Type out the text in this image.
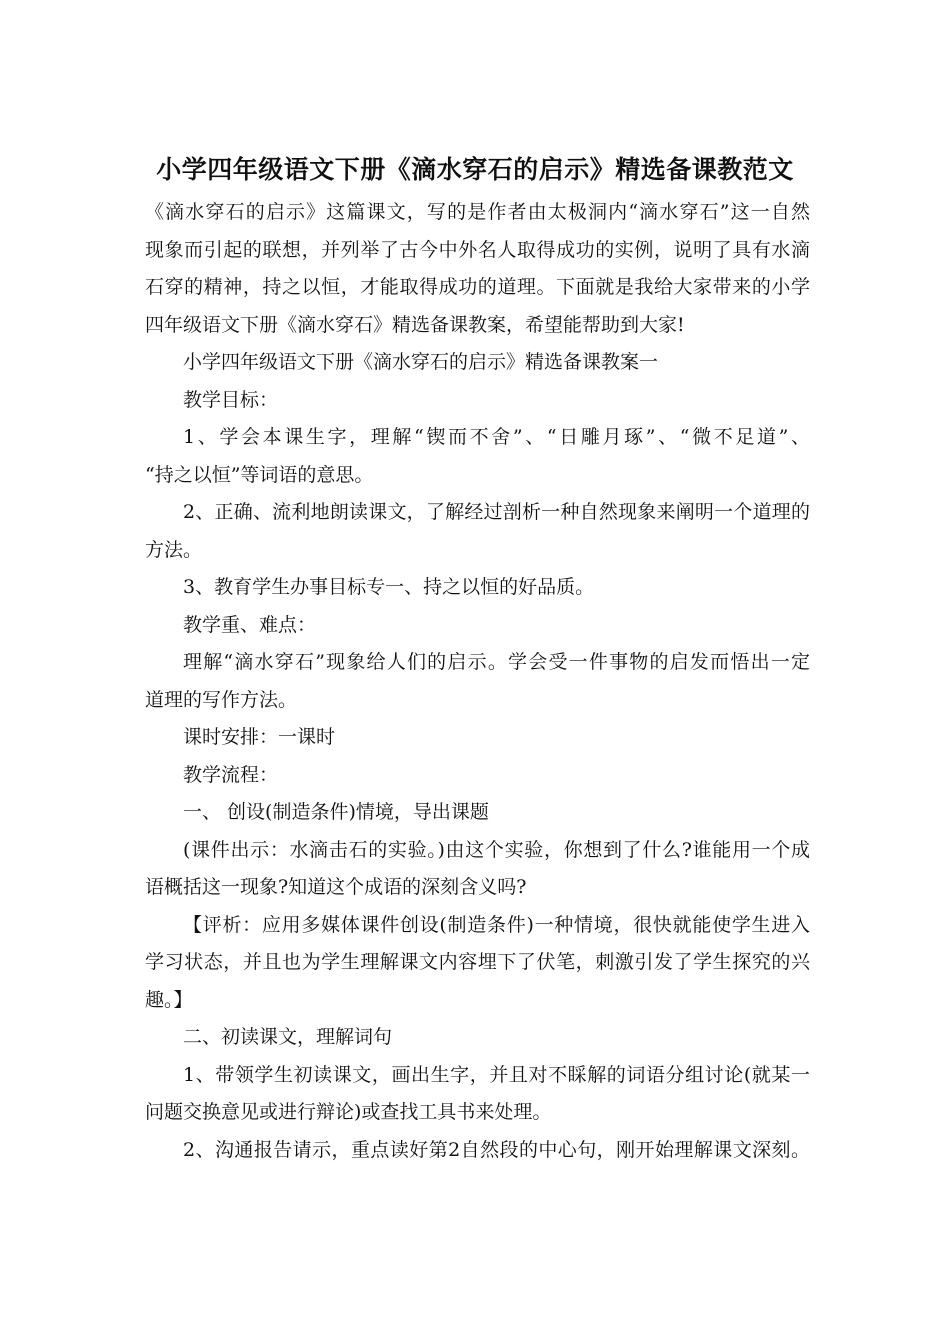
小学四年级语文下册《滴水穿石的启示》精选备课教范文
《滴水穿石的启示》这篇课文，写的是作者由太极洞内“滴水穿石”这一自然
现象而引起的联想，并列举了古今中外名人取得成功的实例，说明了具有水滴
石穿的精神，持之以恒，才能取得成功的道理。下面就是我给大家带来的小学
四年级语文下册《滴水穿石》精选备课教案，希望能帮助到大家!
小学四年级语文下册《滴水穿石的启示》精选备课教案一
教学目标：
1、学会本课生字，理解“锲而不舍”、“日雕月琢”、“微不足道”、
“持之以恒”等词语的意思。
2、正确、流利地朗读课文，了解经过剖析一种自然现象来阐明一个道理的
方法。
3、教育学生办事目标专一、持之以恒的好品质。
教学重、难点：
理解“滴水穿石”现象给人们的启示。学会受一件事物的启发而悟出一定
道理的写作方法。
课时安排：一课时
教学流程：
一、 创设(制造条件)情境，导出课题
(课件出示：水滴击石的实验。)由这个实验，你想到了什么?谁能用一个成
语概括这一现象?知道这个成语的深刻含义吗?
【评析：应用多媒体课件创设(制造条件)一种情境，很快就能使学生进入
学习状态，并且也为学生理解课文内容埋下了伏笔，刺激引发了学生探究的兴
趣。】
二、初读课文，理解词句
1、带领学生初读课文，画出生字，并且对不睬解的词语分组讨论(就某一
问题交换意见或进行辩论)或查找工具书来处理。
2、沟通报告请示，重点读好第2自然段的中心句，刚开始理解课文深刻。
